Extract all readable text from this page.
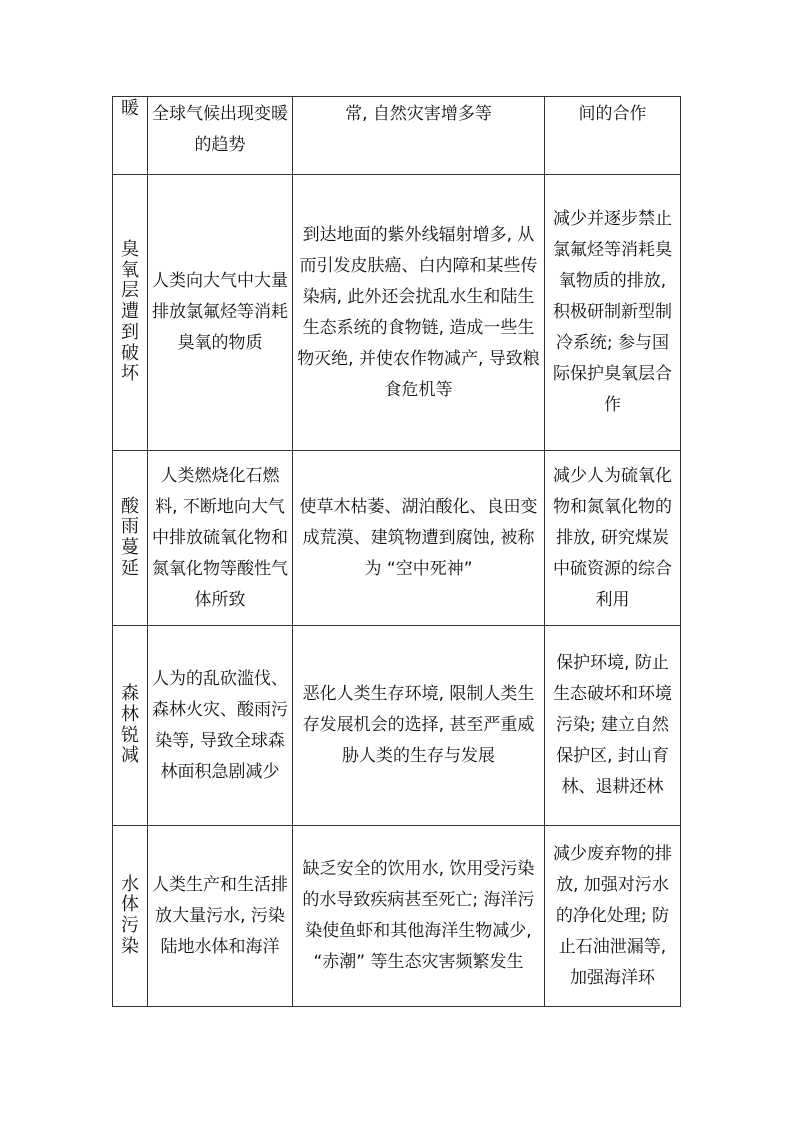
暖	全球气候出现变暖的趋势	常, 自然灾害增多等	间的合作

臭氧层遭到破坏	人类向大气中大量排放氯氟烃等消耗臭氧的物质	到达地面的紫外线辐射增多, 从而引发皮肤癌、白内障和某些传染病, 此外还会扰乱水生和陆生生态系统的食物链, 造成一些生物灭绝, 并使农作物减产, 导致粮食危机等	减少并逐步禁止氯氟烃等消耗臭氧物质的排放, 积极研制新型制冷系统; 参与国际保护臭氧层合作

酸雨蔓延	人类燃烧化石燃料, 不断地向大气中排放硫氧化物和氮氧化物等酸性气体所致	使草木枯萎、湖泊酸化、良田变成荒漠、建筑物遭到腐蚀, 被称为 “空中死神”	减少人为硫氧化物和氮氧化物的排放, 研究煤炭中硫资源的综合利用

森林锐减	人为的乱砍滥伐、森林火灾、酸雨污染等, 导致全球森林面积急剧减少	恶化人类生存环境, 限制人类生存发展机会的选择, 甚至严重威胁人类的生存与发展	保护环境, 防止生态破坏和环境污染; 建立自然保护区, 封山育林、退耕还林

水体污染	人类生产和生活排放大量污水, 污染陆地水体和海洋	缺乏安全的饮用水, 饮用受污染的水导致疾病甚至死亡; 海洋污染使鱼虾和其他海洋生物减少, “赤潮” 等生态灾害频繁发生	减少废弃物的排放, 加强对污水的净化处理; 防止石油泄漏等, 加强海洋环
